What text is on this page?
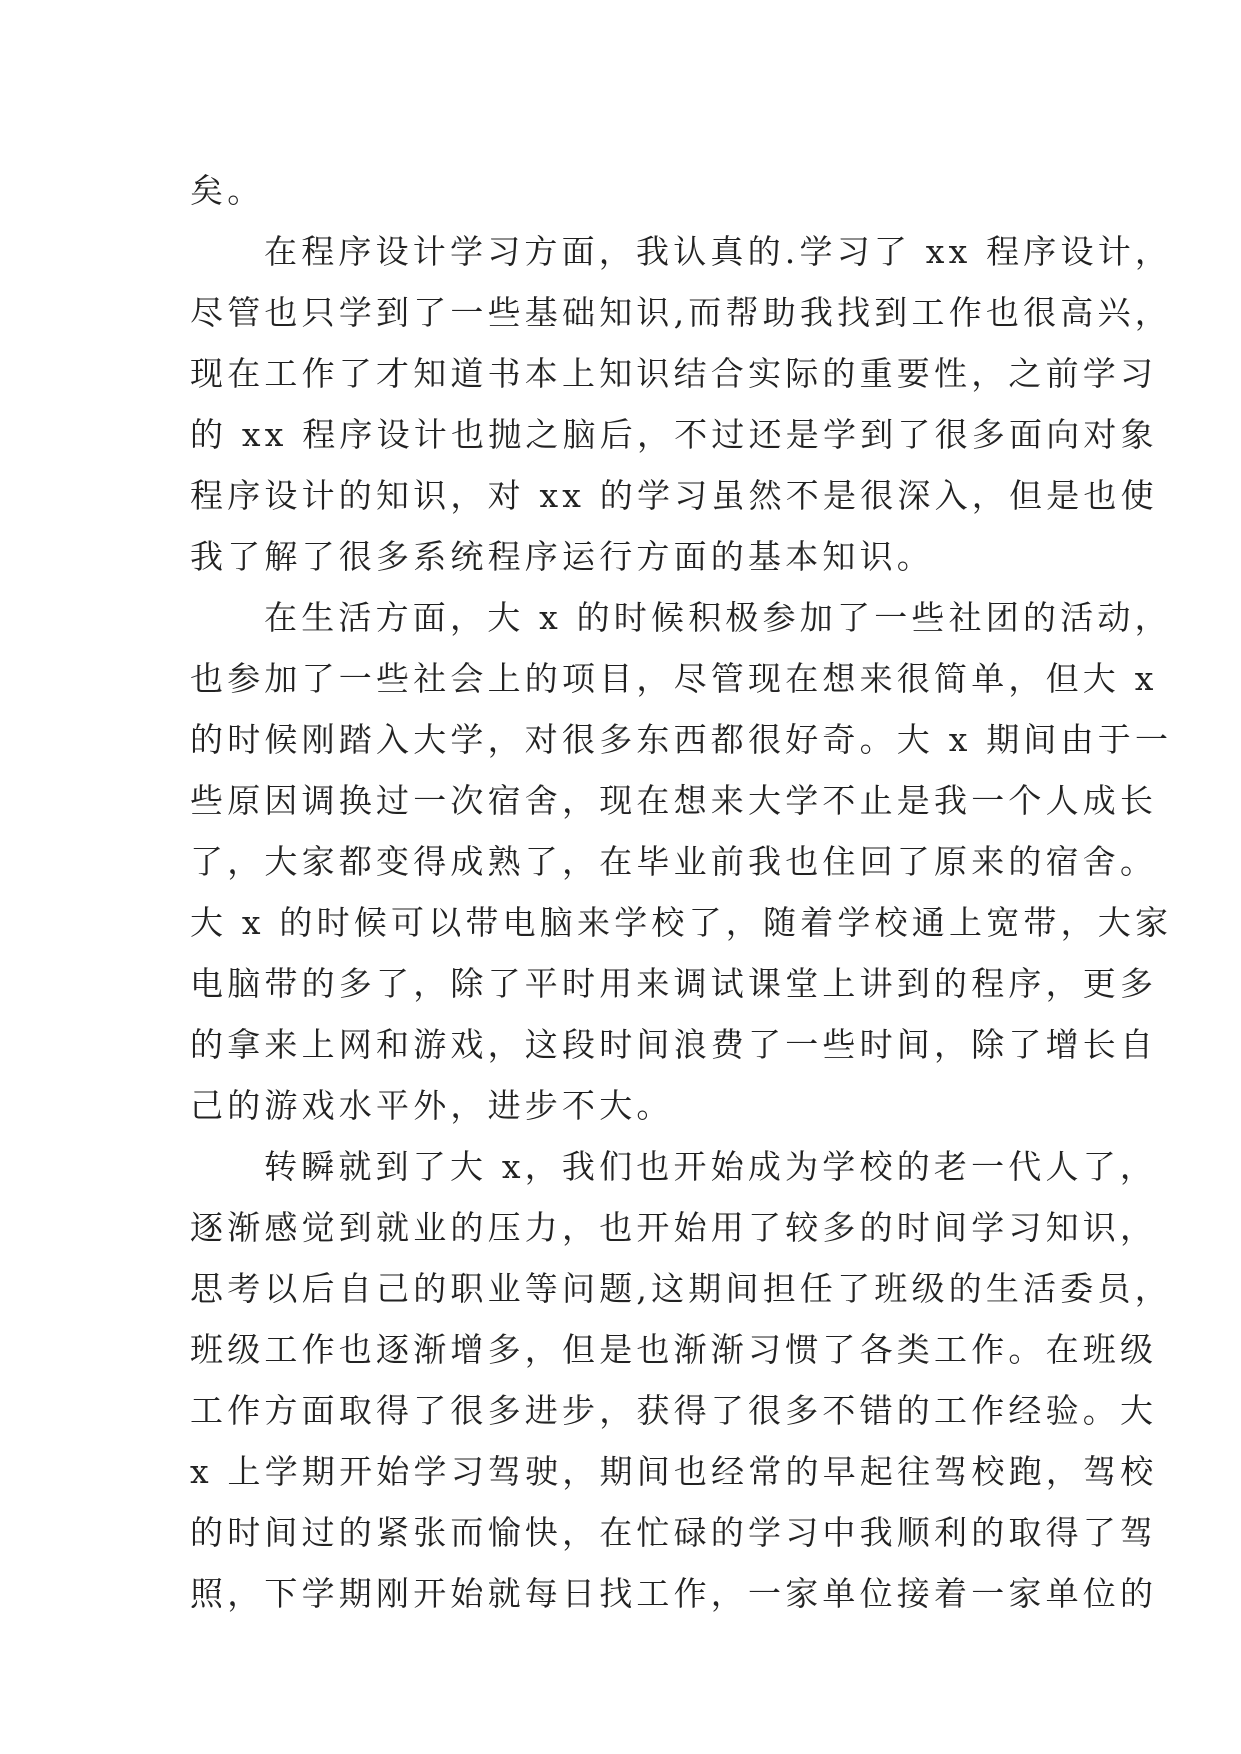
矣。
在程序设计学习方面，我认真的.学习了 xx 程序设计，
尽管也只学到了一些基础知识,而帮助我找到工作也很高兴，
现在工作了才知道书本上知识结合实际的重要性，之前学习
的 xx 程序设计也抛之脑后，不过还是学到了很多面向对象
程序设计的知识，对 xx 的学习虽然不是很深入，但是也使
我了解了很多系统程序运行方面的基本知识。
在生活方面，大 x 的时候积极参加了一些社团的活动，
也参加了一些社会上的项目，尽管现在想来很简单，但大 x
的时候刚踏入大学，对很多东西都很好奇。大 x 期间由于一
些原因调换过一次宿舍，现在想来大学不止是我一个人成长
了，大家都变得成熟了，在毕业前我也住回了原来的宿舍。
大 x 的时候可以带电脑来学校了，随着学校通上宽带，大家
电脑带的多了，除了平时用来调试课堂上讲到的程序，更多
的拿来上网和游戏，这段时间浪费了一些时间，除了增长自
己的游戏水平外，进步不大。
转瞬就到了大 x，我们也开始成为学校的老一代人了，
逐渐感觉到就业的压力，也开始用了较多的时间学习知识，
思考以后自己的职业等问题,这期间担任了班级的生活委员，
班级工作也逐渐增多，但是也渐渐习惯了各类工作。在班级
工作方面取得了很多进步，获得了很多不错的工作经验。大
x 上学期开始学习驾驶，期间也经常的早起往驾校跑，驾校
的时间过的紧张而愉快，在忙碌的学习中我顺利的取得了驾
照，下学期刚开始就每日找工作，一家单位接着一家单位的
